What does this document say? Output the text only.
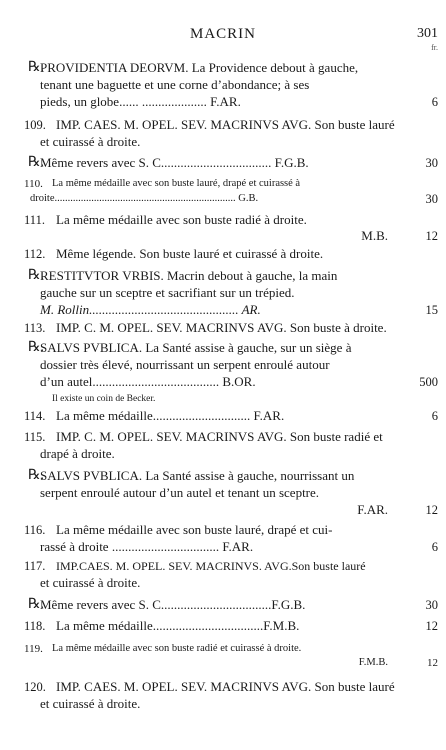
MACRIN	301
fr.
℞.
PROVIDENTIA DEORVM. La Providence debout à gauche,
tenant une baguette et une corne d’abondance; à ses
pieds, un globe...... .................... F.AR.	6
109. IMP. CAES. M. OPEL. SEV. MACRINVS AVG. Son buste lauré
et cuirassé à droite.
℞.
Même revers avec S. C.................................. F.G.B.	30
110. La même médaille avec son buste lauré, drapé et cuirassé à
droite..................................................................... G.B.	30
111. La même médaille avec son buste radié à droite.
M.B.	12
112. Même légende. Son buste lauré et cuirassé à droite.
℞.
RESTITVTOR VRBIS. Macrin debout à gauche, la main
gauche sur un sceptre et sacrifiant sur un trépied.
M. Rollin.............................................. AR.	15
113. IMP. C. M. OPEL. SEV. MACRINVS AVG. Son buste à droite.
℞.
SALVS PVBLICA. La Santé assise à gauche, sur un siège à
dossier très élevé, nourrissant un serpent enroulé autour
d’un autel....................................... B.OR.	500
Il existe un coin de Becker.
114. La même médaille.............................. F.AR.	6
115. IMP. C. M. OPEL. SEV. MACRINVS AVG. Son buste radié et
drapé à droite.
℞.
SALVS PVBLICA. La Santé assise à gauche, nourrissant un
serpent enroulé autour d’un autel et tenant un sceptre.
F.AR.	12
116. La même médaille avec son buste lauré, drapé et cui-
rassé à droite ................................. F.AR.	6
117. IMP.CAES. M. OPEL. SEV. MACRINVS. AVG.Son buste lauré
et cuirassé à droite.
℞.
Même revers avec S. C..................................F.G.B.	30
118. La même médaille..................................F.M.B.	12
119. La même médaille avec son buste radié et cuirassé à droite.
F.M.B.	12
120. IMP. CAES. M. OPEL. SEV. MACRINVS AVG. Son buste lauré
et cuirassé à droite.
